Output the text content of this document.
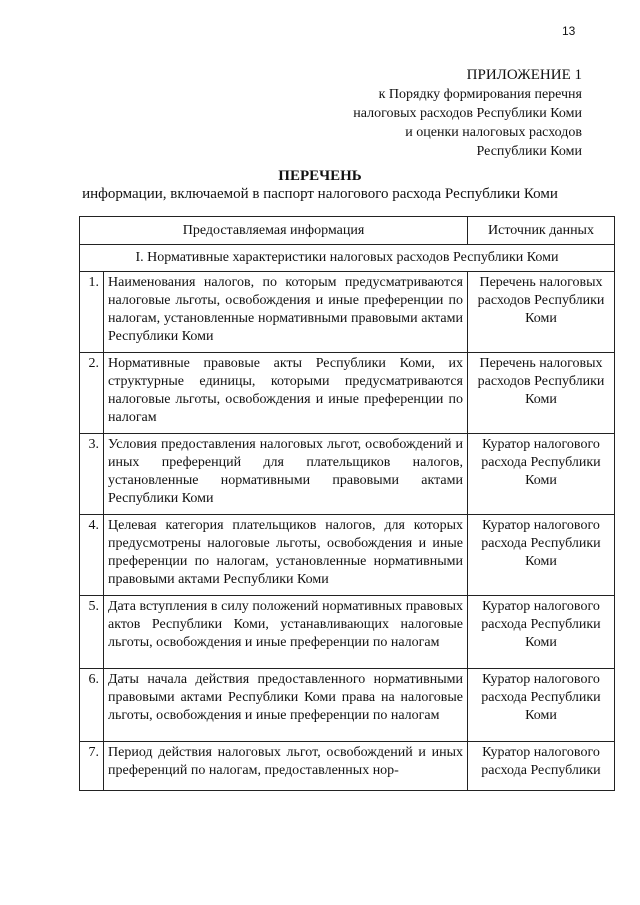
13
ПРИЛОЖЕНИЕ 1
к Порядку формирования перечня
налоговых расходов Республики Коми
и оценки налоговых расходов
Республики Коми
ПЕРЕЧЕНЬ
информации, включаемой в паспорт налогового расхода Республики Коми
Предоставляемая информация		Источник данных
I. Нормативные характеристики налоговых расходов Республики Коми		
1.	Наименования налогов, по которым предусматриваются налоговые льготы, освобождения и иные преференции по налогам, установленные нормативными правовыми актами Республики Коми	Перечень налоговых расходов Республики Коми
2.	Нормативные правовые акты Республики Коми, их структурные единицы, которыми предусматриваются налоговые льготы, освобождения и иные преференции по налогам	Перечень налоговых расходов Республики Коми
3.	Условия предоставления налоговых льгот, освобождений и иных преференций для плательщиков налогов, установленные нормативными правовыми актами Республики Коми	Куратор налогового расхода Республики Коми
4.	Целевая категория плательщиков налогов, для которых предусмотрены налоговые льготы, освобождения и иные преференции по налогам, установленные нормативными правовыми актами Республики Коми	Куратор налогового расхода Республики Коми
5.	Дата вступления в силу положений нормативных правовых актов Республики Коми, устанавливающих налоговые льготы, освобождения и иные преференции по налогам	Куратор налогового расхода Республики Коми
6.	Даты начала действия предоставленного нормативными правовыми актами Республики Коми права на налоговые льготы, освобождения и иные преференции по налогам	Куратор налогового расхода Республики Коми
7.	Период действия налоговых льгот, освобождений и иных преференций по налогам, предоставленных нор-	Куратор налогового расхода Республики
